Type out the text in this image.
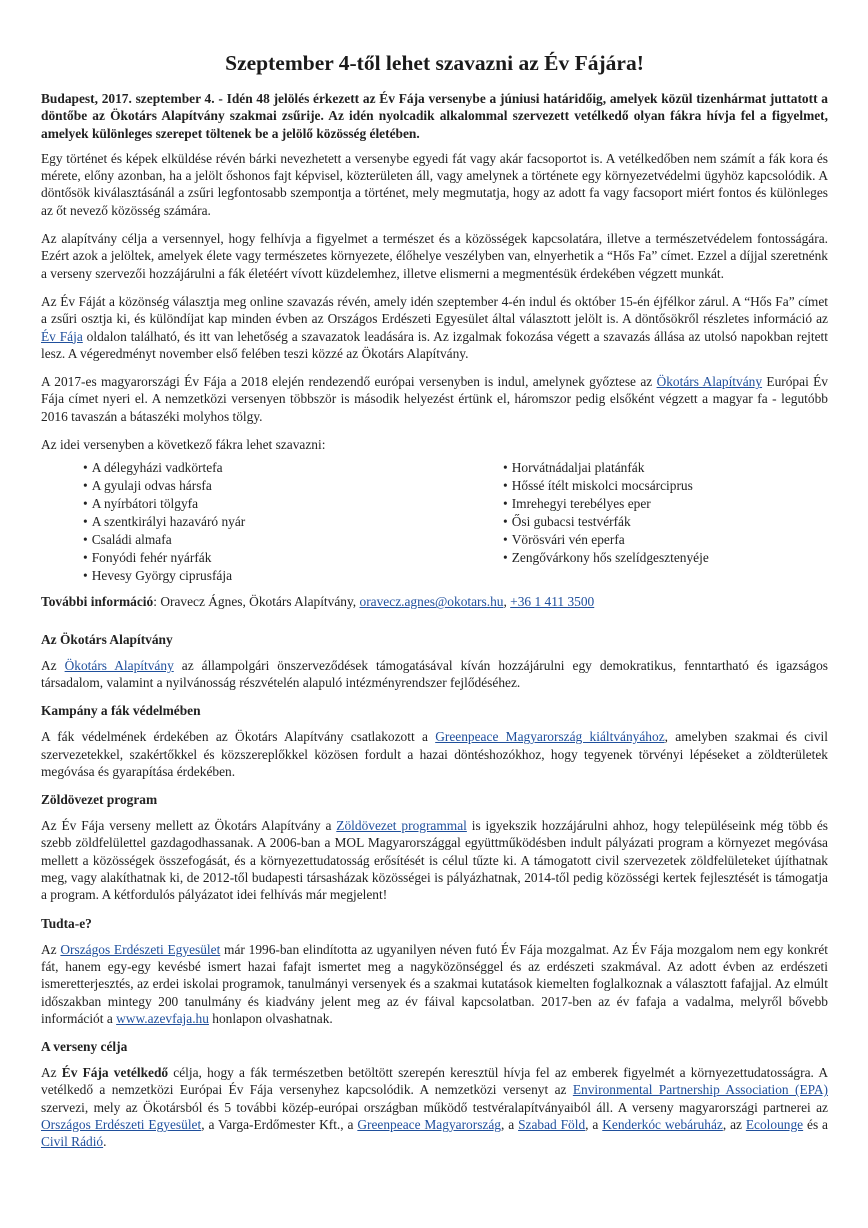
Szeptember 4-től lehet szavazni az Év Fájára!

Budapest, 2017. szeptember 4. - Idén 48 jelölés érkezett az Év Fája versenybe a júniusi határidőig, amelyek közül tizenhármat juttatott a döntőbe az Ökotárs Alapítvány szakmai zsűrije. Az idén nyolcadik alkalommal szervezett vetélkedő olyan fákra hívja fel a figyelmet, amelyek különleges szerepet töltenek be a jelölő közösség életében.

Egy történet és képek elküldése révén bárki nevezhetett a versenybe egyedi fát vagy akár facsoportot is. A vetélkedőben nem számít a fák kora és mérete, előny azonban, ha a jelölt őshonos fajt képvisel, közterületen áll, vagy amelynek a története egy környezetvédelmi ügyhöz kapcsolódik. A döntősök kiválasztásánál a zsűri legfontosabb szempontja a történet, mely megmutatja, hogy az adott fa vagy facsoport miért fontos és különleges az őt nevező közösség számára.

Az alapítvány célja a versennyel, hogy felhívja a figyelmet a természet és a közösségek kapcsolatára, illetve a természetvédelem fontosságára. Ezért azok a jelöltek, amelyek élete vagy természetes környezete, élőhelye veszélyben van, elnyerhetik a “Hős Fa” címet. Ezzel a díjjal szeretnénk a verseny szervezői hozzájárulni a fák életéért vívott küzdelemhez, illetve elismerni a megmentésük érdekében végzett munkát.

Az Év Fáját a közönség választja meg online szavazás révén, amely idén szeptember 4-én indul és október 15-én éjfélkor zárul. A “Hős Fa” címet a zsűri osztja ki, és különdíjat kap minden évben az Országos Erdészeti Egyesület által választott jelölt is. A döntősökről részletes információ az Év Fája oldalon található, és itt van lehetőség a szavazatok leadására is. Az izgalmak fokozása végett a szavazás állása az utolsó napokban rejtett lesz. A végeredményt november első felében teszi közzé az Ökotárs Alapítvány.

A 2017-es magyarországi Év Fája a 2018 elején rendezendő európai versenyben is indul, amelynek győztese az Ökotárs Alapítvány Európai Év Fája címet nyeri el. A nemzetközi versenyen többször is második helyezést értünk el, háromszor pedig elsőként végzett a magyar fa - legutóbb 2016 tavaszán a bátaszéki molyhos tölgy.

Az idei versenyben a következő fákra lehet szavazni:

• A délegyházi vadkörtefa
• A gyulaji odvas hársfa
• A nyírbátori tölgyfa
• A szentkirályi hazaváró nyár
• Családi almafa
• Fonyódi fehér nyárfák
• Hevesy György ciprusfája
• Horvátnádaljai platánfák
• Hőssé ítélt miskolci mocsárciprus
• Imrehegyi terebélyes eper
• Ősi gubacsi testvérfák
• Vörösvári vén eperfa
• Zengővárkony hős szelídgesztenyéje

További információ: Oravecz Ágnes, Ökotárs Alapítvány, oravecz.agnes@okotars.hu, +36 1 411 3500

Az Ökotárs Alapítvány

Az Ökotárs Alapítvány az állampolgári önszerveződések támogatásával kíván hozzájárulni egy demokratikus, fenntartható és igazságos társadalom, valamint a nyilvánosság részvételén alapuló intézményrendszer fejlődéséhez.

Kampány a fák védelmében

A fák védelmének érdekében az Ökotárs Alapítvány csatlakozott a Greenpeace Magyarország kiáltványához, amelyben szakmai és civil szervezetekkel, szakértőkkel és közszereplőkkel közösen fordult a hazai döntéshozókhoz, hogy tegyenek törvényi lépéseket a zöldterületek megóvása és gyarapítása érdekében.

Zöldövezet program

Az Év Fája verseny mellett az Ökotárs Alapítvány a Zöldövezet programmal is igyekszik hozzájárulni ahhoz, hogy településeink még több és szebb zöldfelülettel gazdagodhassanak. A 2006-ban a MOL Magyarországgal együttműködésben indult pályázati program a környezet megóvása mellett a közösségek összefogását, és a környezettudatosság erősítését is célul tűzte ki. A támogatott civil szervezetek zöldfelületeket újíthatnak meg, vagy alakíthatnak ki, de 2012-től budapesti társasházak közösségei is pályázhatnak, 2014-től pedig közösségi kertek fejlesztését is támogatja a program. A kétfordulós pályázatot idei felhívás már megjelent!

Tudta-e?

Az Országos Erdészeti Egyesület már 1996-ban elindította az ugyanilyen néven futó Év Fája mozgalmat. Az Év Fája mozgalom nem egy konkrét fát, hanem egy-egy kevésbé ismert hazai fafajt ismertet meg a nagyközönséggel és az erdészeti szakmával. Az adott évben az erdészeti ismeretterjesztés, az erdei iskolai programok, tanulmányi versenyek és a szakmai kutatások kiemelten foglalkoznak a választott fafajjal. Az elmúlt időszakban mintegy 200 tanulmány és kiadvány jelent meg az év fáival kapcsolatban. 2017-ben az év fafaja a vadalma, melyről bővebb információt a www.azevfaja.hu honlapon olvashatnak.

A verseny célja

Az Év Fája vetélkedő célja, hogy a fák természetben betöltött szerepén keresztül hívja fel az emberek figyelmét a környezettudatosságra. A vetélkedő a nemzetközi Európai Év Fája versenyhez kapcsolódik. A nemzetközi versenyt az Environmental Partnership Association (EPA) szervezi, mely az Ökotársból és 5 további közép-európai országban működő testvéralapítványaiból áll. A verseny magyarországi partnerei az Országos Erdészeti Egyesület, a Varga-Erdőmester Kft., a Greenpeace Magyarország, a Szabad Föld, a Kenderkóc webáruház, az Ecolounge és a Civil Rádió.
